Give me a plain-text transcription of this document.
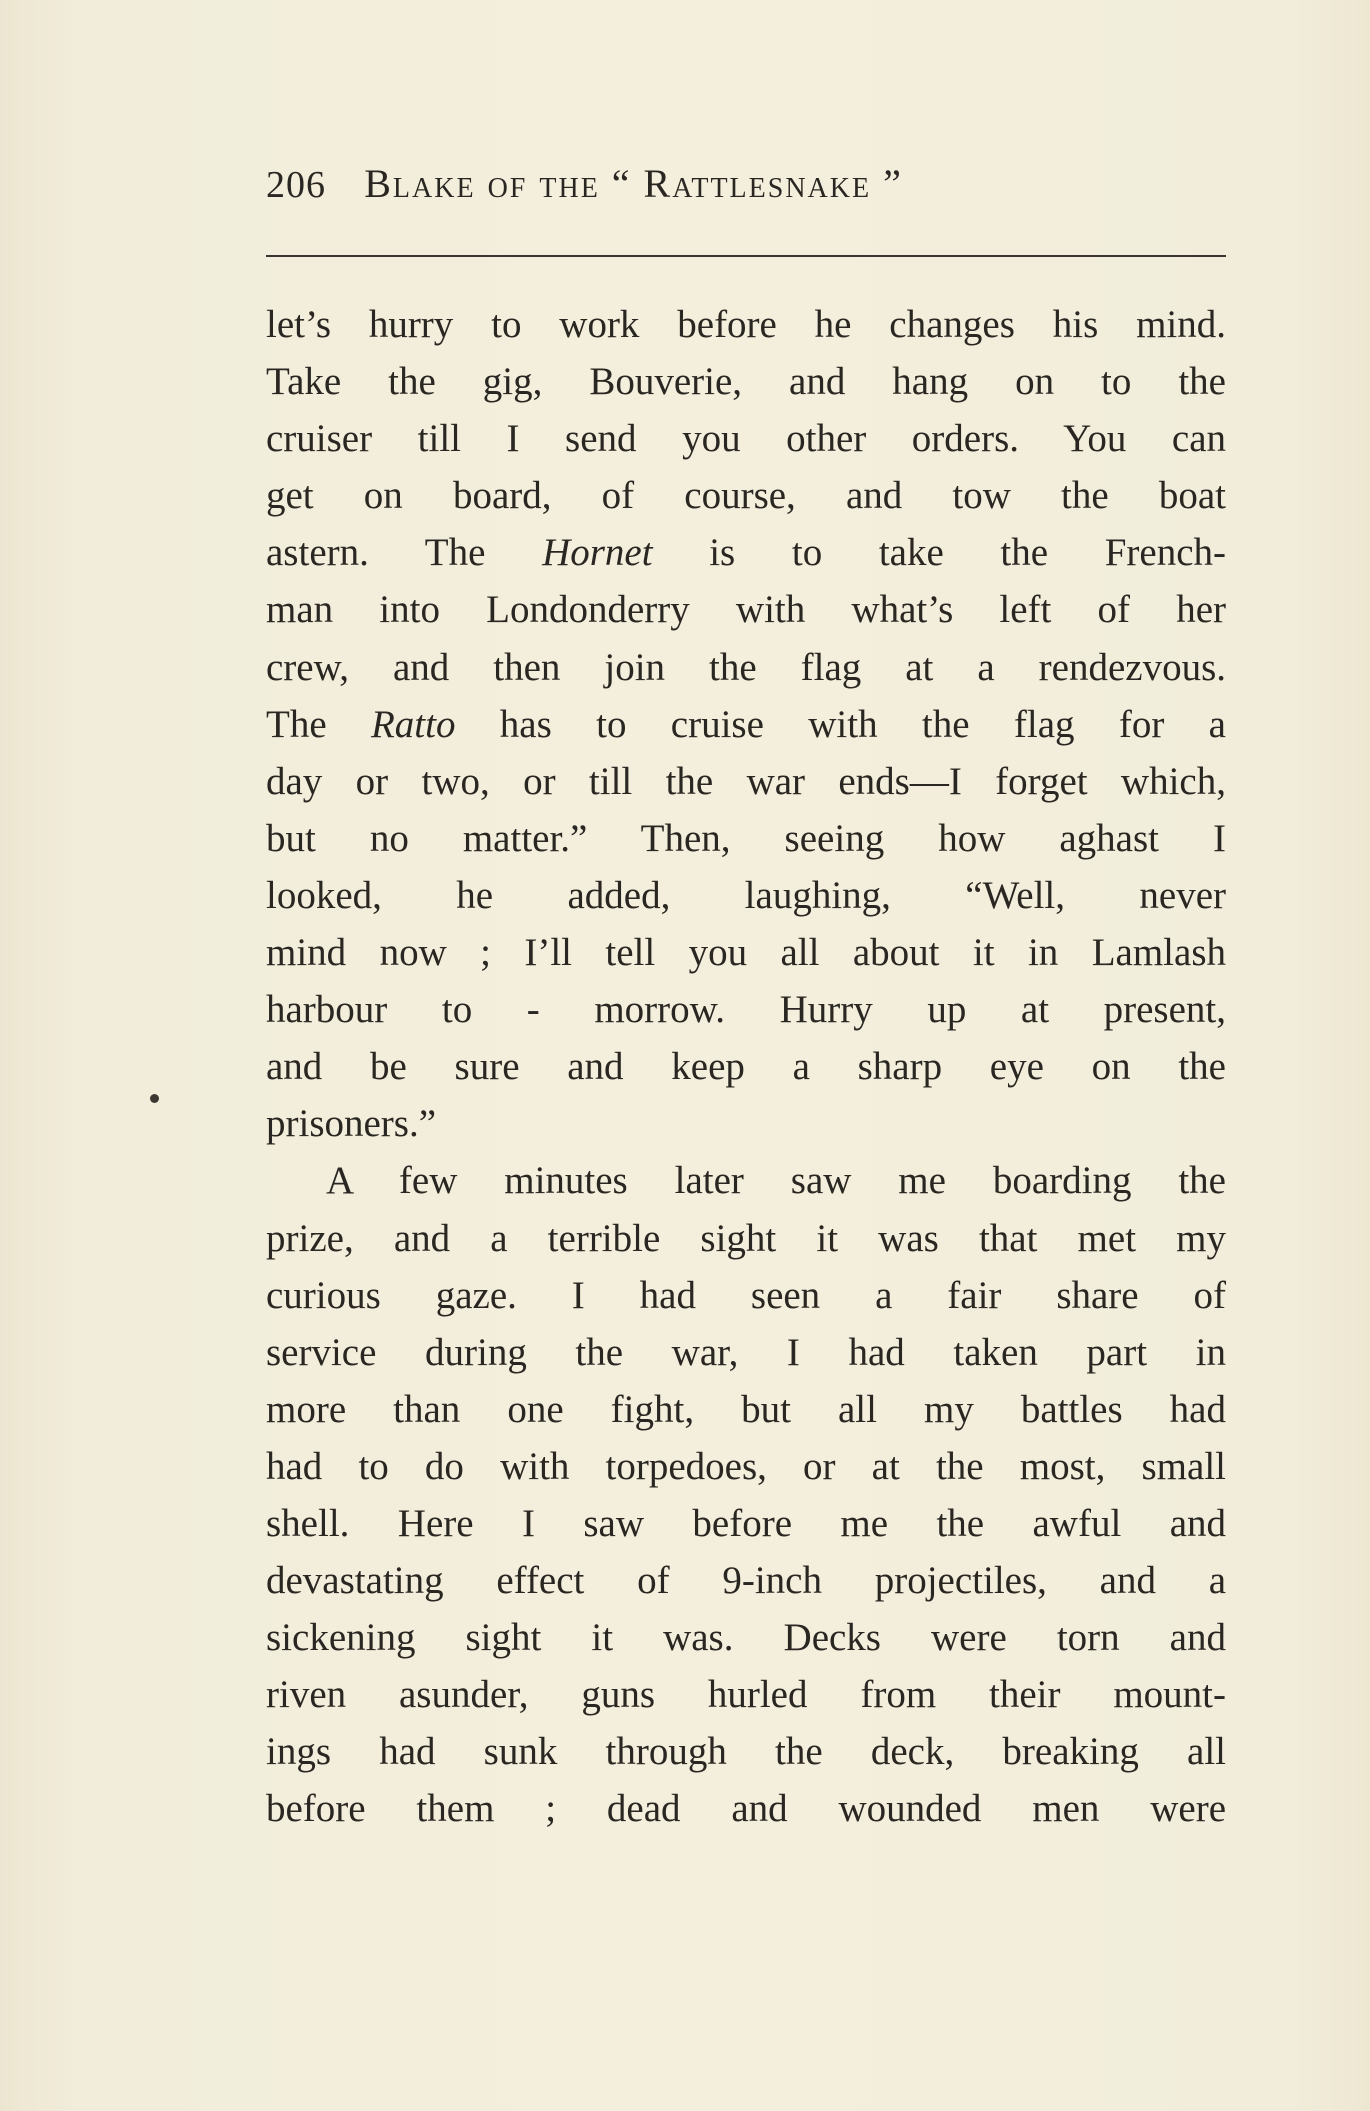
206 Blake of the “ Rattlesnake ”
let’s hurry to work before he changes his mind.
Take the gig, Bouverie, and hang on to the
cruiser till I send you other orders. You can
get on board, of course, and tow the boat
astern. The Hornet is to take the French-
man into Londonderry with what’s left of her
crew, and then join the flag at a rendezvous.
The Ratto has to cruise with the flag for a
day or two, or till the war ends—I forget which,
but no matter.” Then, seeing how aghast I
looked, he added, laughing, “Well, never
mind now ; I’ll tell you all about it in Lamlash
harbour to - morrow. Hurry up at present,
and be sure and keep a sharp eye on the
prisoners.”
A few minutes later saw me boarding the
prize, and a terrible sight it was that met my
curious gaze. I had seen a fair share of
service during the war, I had taken part in
more than one fight, but all my battles had
had to do with torpedoes, or at the most, small
shell. Here I saw before me the awful and
devastating effect of 9-inch projectiles, and a
sickening sight it was. Decks were torn and
riven asunder, guns hurled from their mount-
ings had sunk through the deck, breaking all
before them ; dead and wounded men were
